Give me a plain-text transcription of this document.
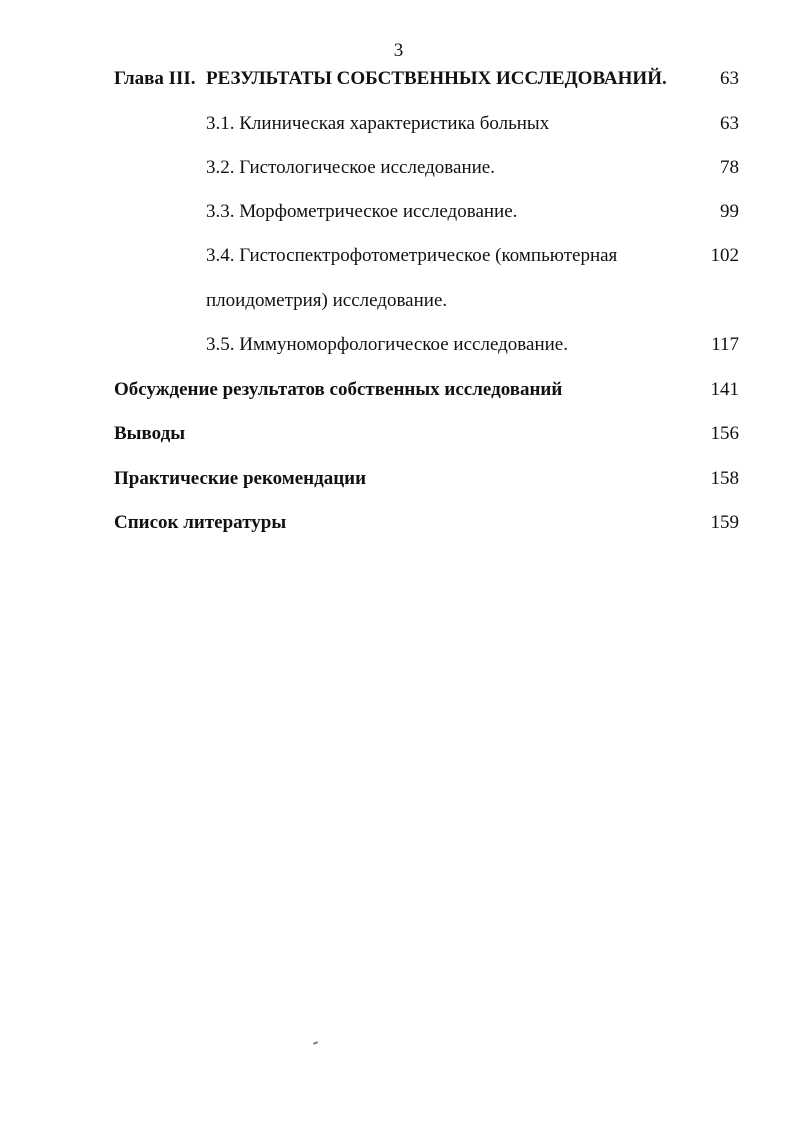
3
Глава III. РЕЗУЛЬТАТЫ СОБСТВЕННЫХ ИССЛЕДОВАНИЙ.	63
3.1. Клиническая характеристика больных	63
3.2. Гистологическое исследование.	78
3.3. Морфометрическое исследование.	99
3.4. Гистоспектрофотометрическое (компьютерная	102
плоидометрия) исследование.
3.5. Иммуноморфологическое исследование.	117
Обсуждение результатов собственных исследований	141
Выводы	156
Практические рекомендации	158
Список литературы	159
